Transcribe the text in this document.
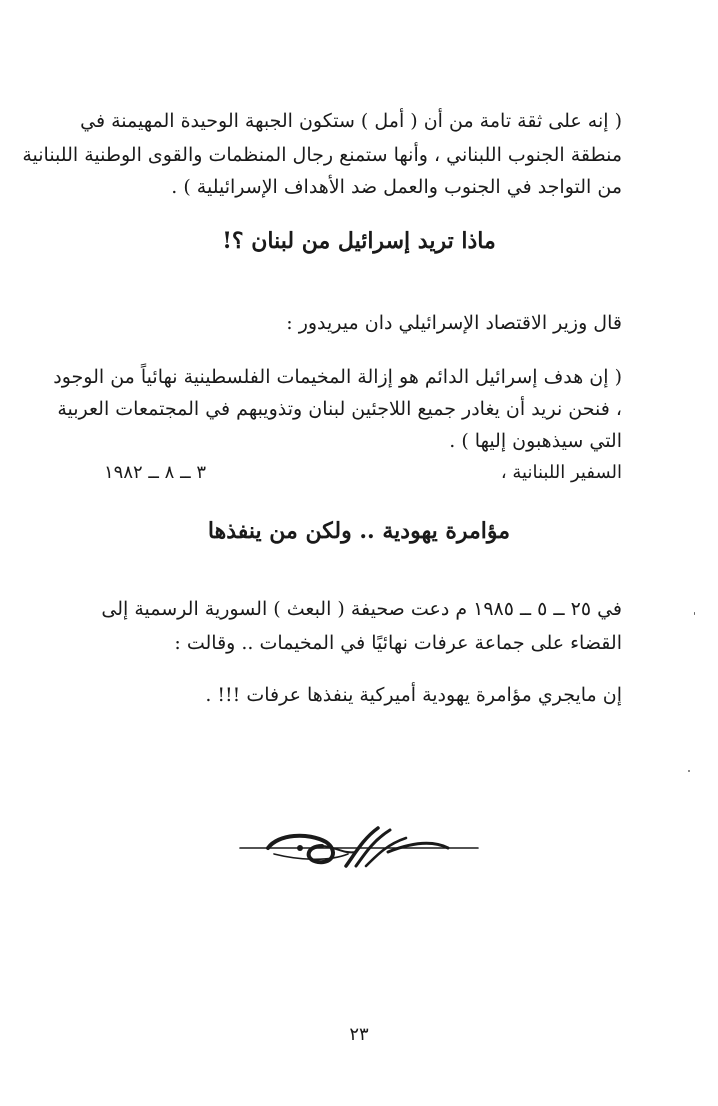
( إنه على ثقة تامة من أن ( أمل ) ستكون الجبهة الوحيدة المهيمنة في
منطقة الجنوب اللبناني ، وأنها ستمنع رجال المنظمات والقوى الوطنية اللبنانية
من التواجد في الجنوب والعمل ضد الأهداف الإسرائيلية ) .
ماذا تريد إسرائيل من لبنان ؟!
قال وزير الاقتصاد الإسرائيلي دان ميريدور :
( إن هدف إسرائيل الدائم هو إزالة المخيمات الفلسطينية نهائياً من الوجود
، فنحن نريد أن يغادر جميع اللاجئين لبنان وتذويبهم في المجتمعات العربية
التي سيذهبون إليها ) .
٣ ــ ٨ ــ ١٩٨٢	السفير اللبنانية ،
مؤامرة يهودية .. ولكن من ينفذها
في ٢٥ ــ ٥ ــ ١٩٨٥ م دعت صحيفة ( البعث ) السورية الرسمية إلى
القضاء على جماعة عرفات نهائيًا في المخيمات .. وقالت :
إن مايجري مؤامرة يهودية أميركية ينفذها عرفات !!! .
٢٣
